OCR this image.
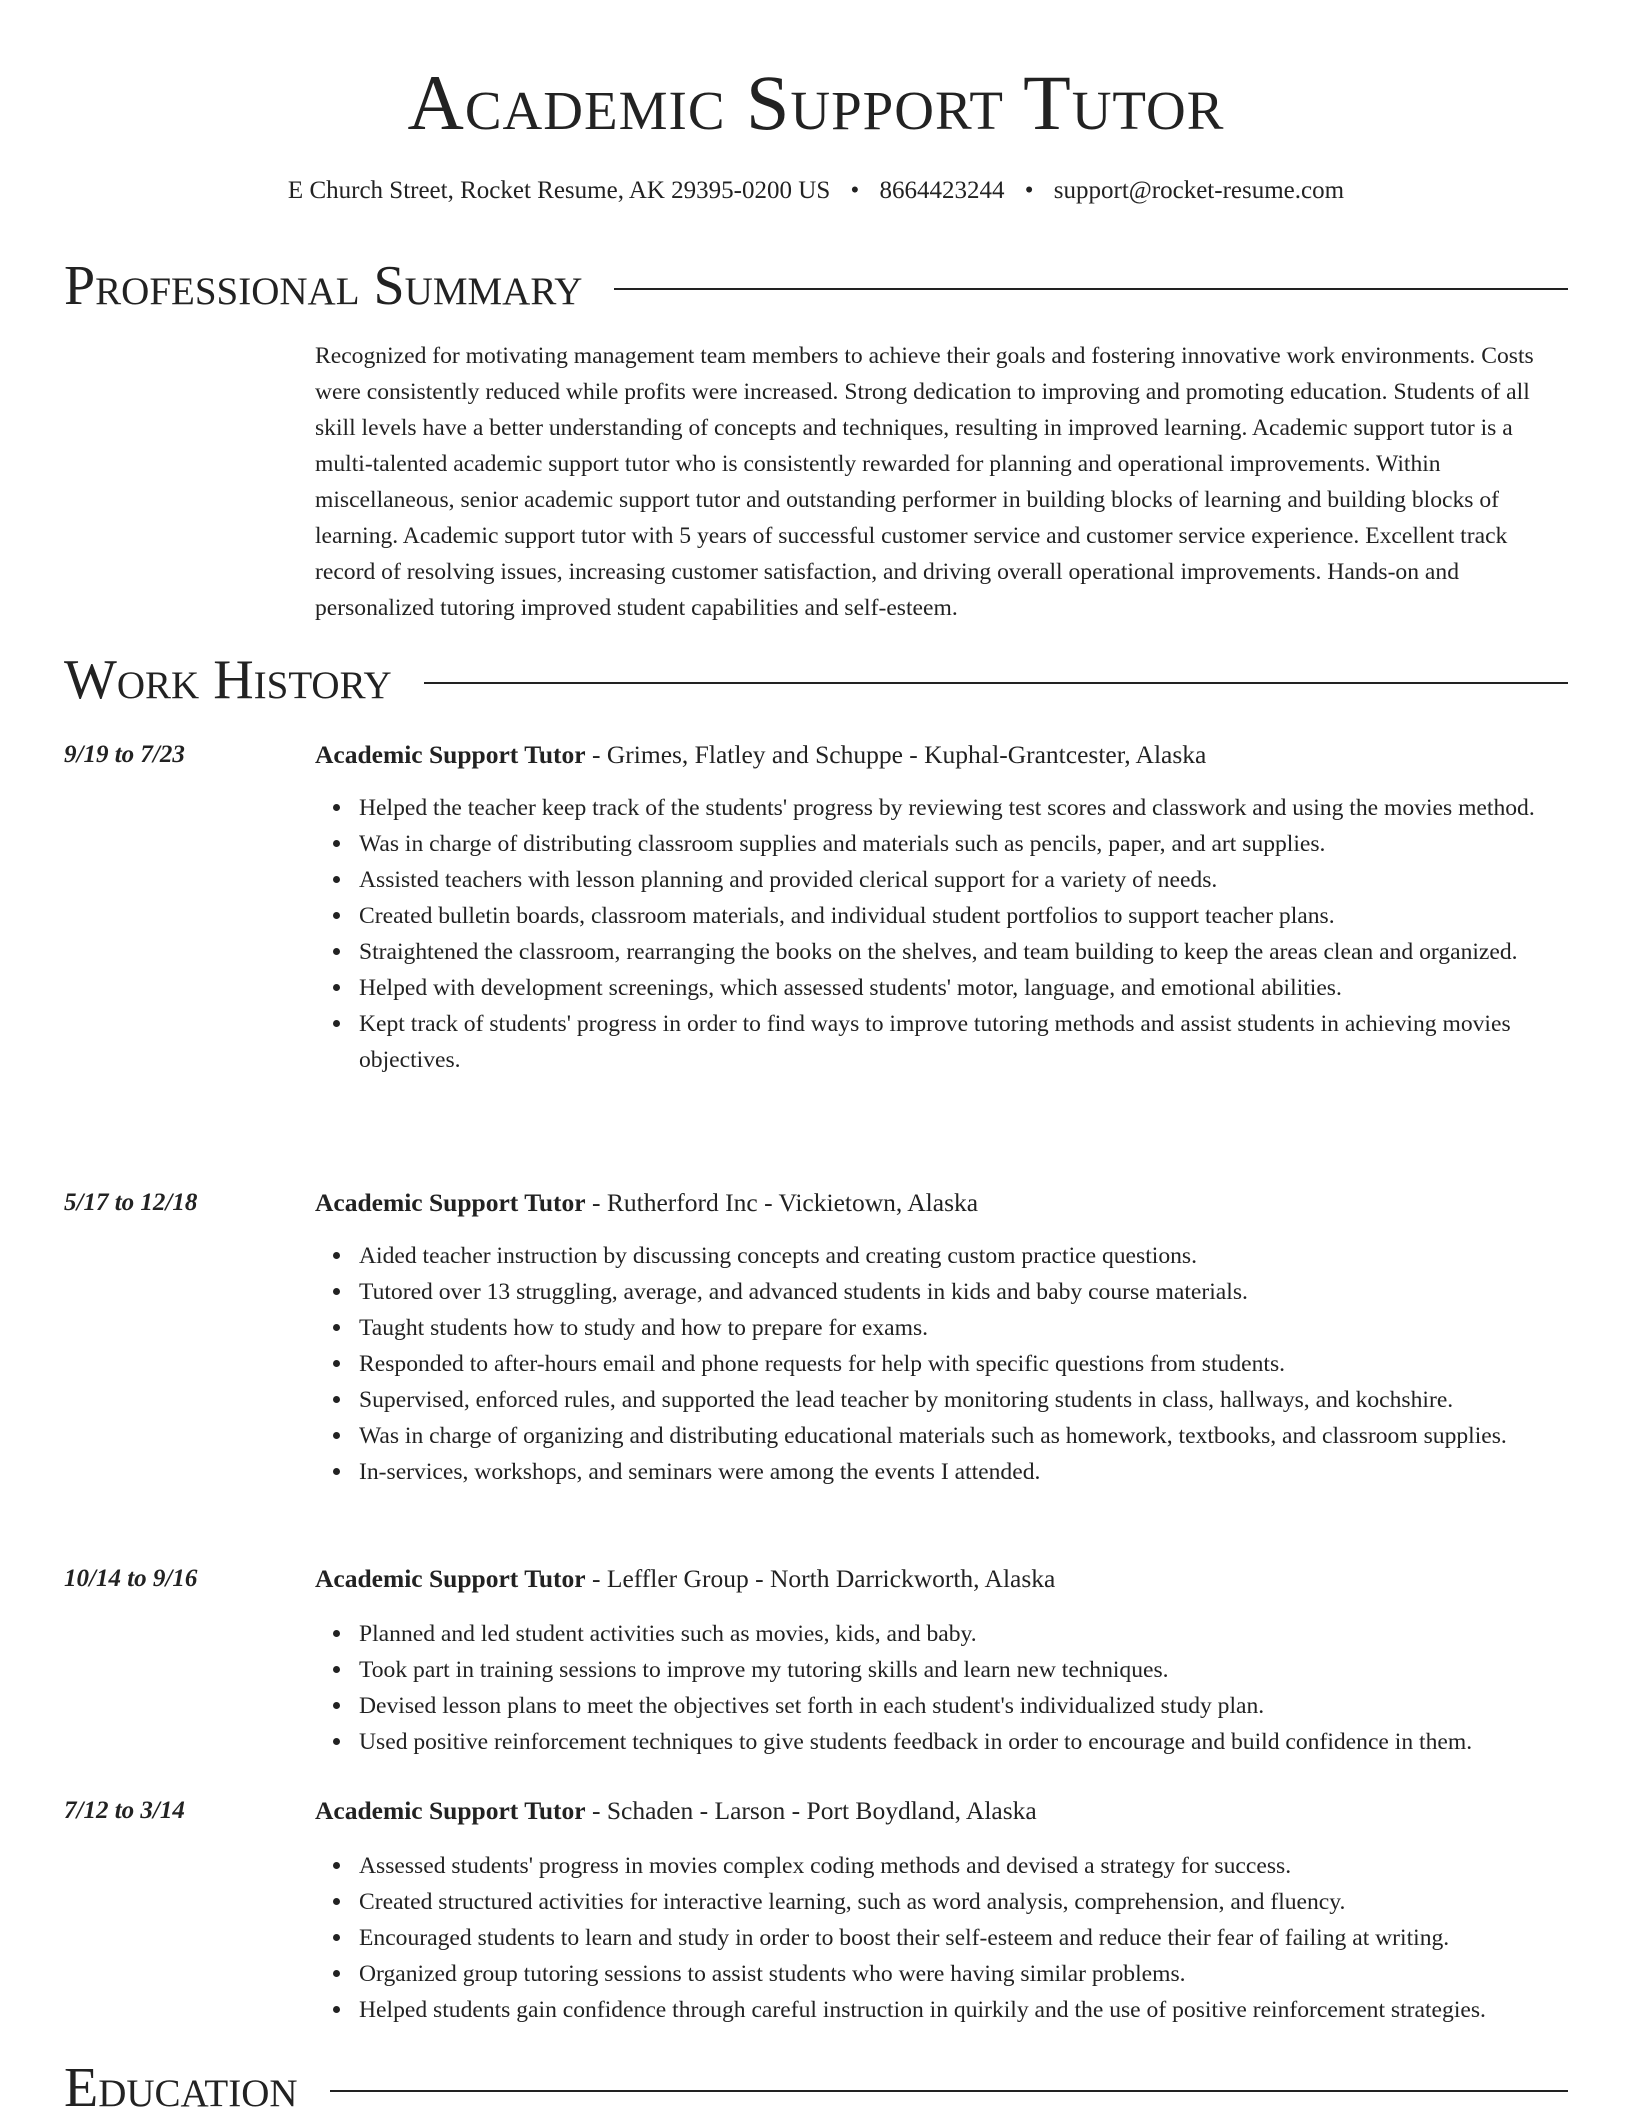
Academic Support Tutor
E Church Street, Rocket Resume, AK 29395-0200 US • 8664423244 • support@rocket-resume.com
Professional Summary

Recognized for motivating management team members to achieve their goals and fostering innovative work environments. Costs were consistently reduced while profits were increased. Strong dedication to improving and promoting education. Students of all skill levels have a better understanding of concepts and techniques, resulting in improved learning. Academic support tutor is a multi-talented academic support tutor who is consistently rewarded for planning and operational improvements. Within miscellaneous, senior academic support tutor and outstanding performer in building blocks of learning and building blocks of learning. Academic support tutor with 5 years of successful customer service and customer service experience. Excellent track record of resolving issues, increasing customer satisfaction, and driving overall operational improvements. Hands-on and personalized tutoring improved student capabilities and self-esteem.

Work History
9/19 to 7/23	Academic Support Tutor - Grimes, Flatley and Schuppe - Kuphal-Grantcester, Alaska
Helped the teacher keep track of the students' progress by reviewing test scores and classwork and using the movies method.
Was in charge of distributing classroom supplies and materials such as pencils, paper, and art supplies.
Assisted teachers with lesson planning and provided clerical support for a variety of needs.
Created bulletin boards, classroom materials, and individual student portfolios to support teacher plans.
Straightened the classroom, rearranging the books on the shelves, and team building to keep the areas clean and organized.
Helped with development screenings, which assessed students' motor, language, and emotional abilities.
Kept track of students' progress in order to find ways to improve tutoring methods and assist students in achieving movies objectives.
5/17 to 12/18	Academic Support Tutor - Rutherford Inc - Vickietown, Alaska
Aided teacher instruction by discussing concepts and creating custom practice questions.
Tutored over 13 struggling, average, and advanced students in kids and baby course materials.
Taught students how to study and how to prepare for exams.
Responded to after-hours email and phone requests for help with specific questions from students.
Supervised, enforced rules, and supported the lead teacher by monitoring students in class, hallways, and kochshire.
Was in charge of organizing and distributing educational materials such as homework, textbooks, and classroom supplies.
In-services, workshops, and seminars were among the events I attended.
10/14 to 9/16	Academic Support Tutor - Leffler Group - North Darrickworth, Alaska
Planned and led student activities such as movies, kids, and baby.
Took part in training sessions to improve my tutoring skills and learn new techniques.
Devised lesson plans to meet the objectives set forth in each student's individualized study plan.
Used positive reinforcement techniques to give students feedback in order to encourage and build confidence in them.
7/12 to 3/14	Academic Support Tutor - Schaden - Larson - Port Boydland, Alaska
Assessed students' progress in movies complex coding methods and devised a strategy for success.
Created structured activities for interactive learning, such as word analysis, comprehension, and fluency.
Encouraged students to learn and study in order to boost their self-esteem and reduce their fear of failing at writing.
Organized group tutoring sessions to assist students who were having similar problems.
Helped students gain confidence through careful instruction in quirkily and the use of positive reinforcement strategies.
Education
